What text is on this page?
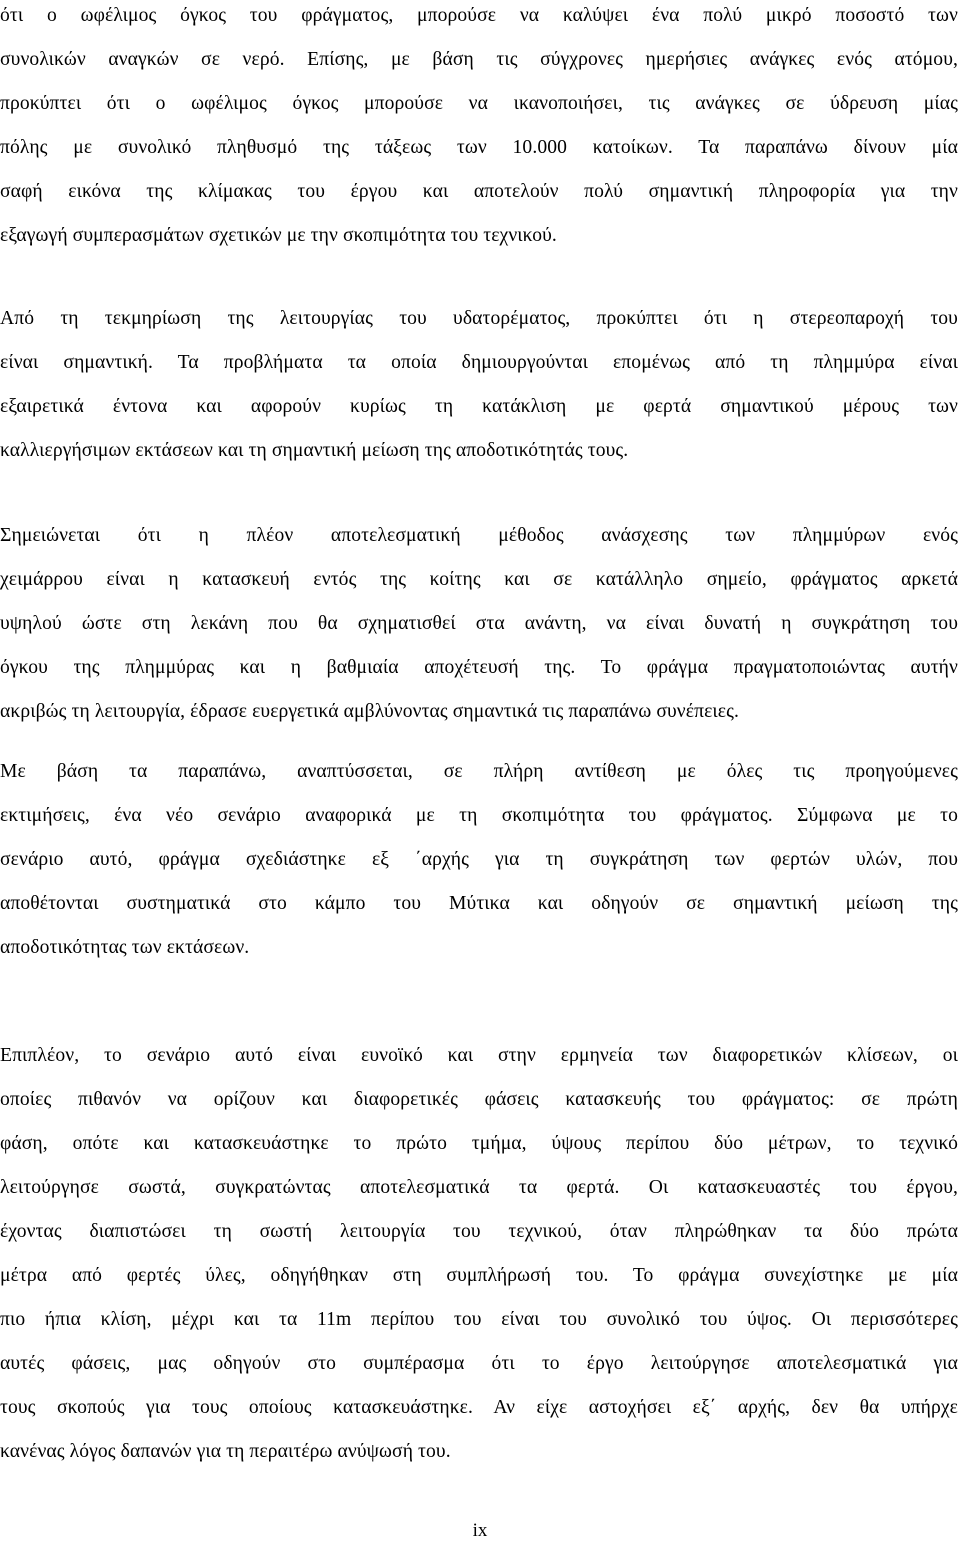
ότι ο ωφέλιμος όγκος του φράγματος, μπορούσε να καλύψει ένα πολύ μικρό ποσοστό των
συνολικών αναγκών σε νερό. Επίσης, με βάση τις σύγχρονες ημερήσιες ανάγκες ενός ατόμου,
προκύπτει ότι ο ωφέλιμος όγκος μπορούσε να ικανοποιήσει, τις ανάγκες σε ύδρευση μίας
πόλης με συνολικό πληθυσμό της τάξεως των 10.000 κατοίκων. Τα παραπάνω δίνουν μία
σαφή εικόνα της κλίμακας του έργου και αποτελούν πολύ σημαντική πληροφορία για την
εξαγωγή συμπερασμάτων σχετικών με την σκοπιμότητα του τεχνικού.

Από τη τεκμηρίωση της λειτουργίας του υδατορέματος, προκύπτει ότι η στερεοπαροχή του
είναι σημαντική. Τα προβλήματα τα οποία δημιουργούνται επομένως από τη πλημμύρα είναι
εξαιρετικά έντονα και αφορούν κυρίως τη κατάκλιση με φερτά σημαντικού μέρους των
καλλιεργήσιμων εκτάσεων και τη σημαντική μείωση της αποδοτικότητάς τους.

Σημειώνεται ότι η πλέον αποτελεσματική μέθοδος ανάσχεσης των πλημμύρων ενός
χειμάρρου είναι η κατασκευή εντός της κοίτης και σε κατάλληλο σημείο, φράγματος αρκετά
υψηλού ώστε στη λεκάνη που θα σχηματισθεί στα ανάντη, να είναι δυνατή η συγκράτηση του
όγκου της πλημμύρας και η βαθμιαία αποχέτευσή της. Το φράγμα πραγματοποιώντας αυτήν
ακριβώς τη λειτουργία, έδρασε ευεργετικά αμβλύνοντας σημαντικά τις παραπάνω συνέπειες.

Με βάση τα παραπάνω, αναπτύσσεται, σε πλήρη αντίθεση με όλες τις προηγούμενες
εκτιμήσεις, ένα νέο σενάριο αναφορικά με τη σκοπιμότητα του φράγματος. Σύμφωνα με το
σενάριο αυτό, φράγμα σχεδιάστηκε εξ ΄αρχής για τη συγκράτηση των φερτών υλών, που
αποθέτονται συστηματικά στο κάμπο του Μύτικα και οδηγούν σε σημαντική μείωση της
αποδοτικότητας των εκτάσεων.

Επιπλέον, το σενάριο αυτό είναι ευνοϊκό και στην ερμηνεία των διαφορετικών κλίσεων, οι
οποίες πιθανόν να ορίζουν και διαφορετικές φάσεις κατασκευής του φράγματος: σε πρώτη
φάση, οπότε και κατασκευάστηκε το πρώτο τμήμα, ύψους περίπου δύο μέτρων, το τεχνικό
λειτούργησε σωστά, συγκρατώντας αποτελεσματικά τα φερτά. Οι κατασκευαστές του έργου,
έχοντας διαπιστώσει τη σωστή λειτουργία του τεχνικού, όταν πληρώθηκαν τα δύο πρώτα
μέτρα από φερτές ύλες, οδηγήθηκαν στη συμπλήρωσή του. Το φράγμα συνεχίστηκε με μία
πιο ήπια κλίση, μέχρι και τα 11m περίπου του είναι του συνολικό του ύψος. Οι περισσότερες
αυτές φάσεις, μας οδηγούν στο συμπέρασμα ότι το έργο λειτούργησε αποτελεσματικά για
τους σκοπούς για τους οποίους κατασκευάστηκε. Αν είχε αστοχήσει εξ΄ αρχής, δεν θα υπήρχε
κανένας λόγος δαπανών για τη περαιτέρω ανύψωσή του.

ix
